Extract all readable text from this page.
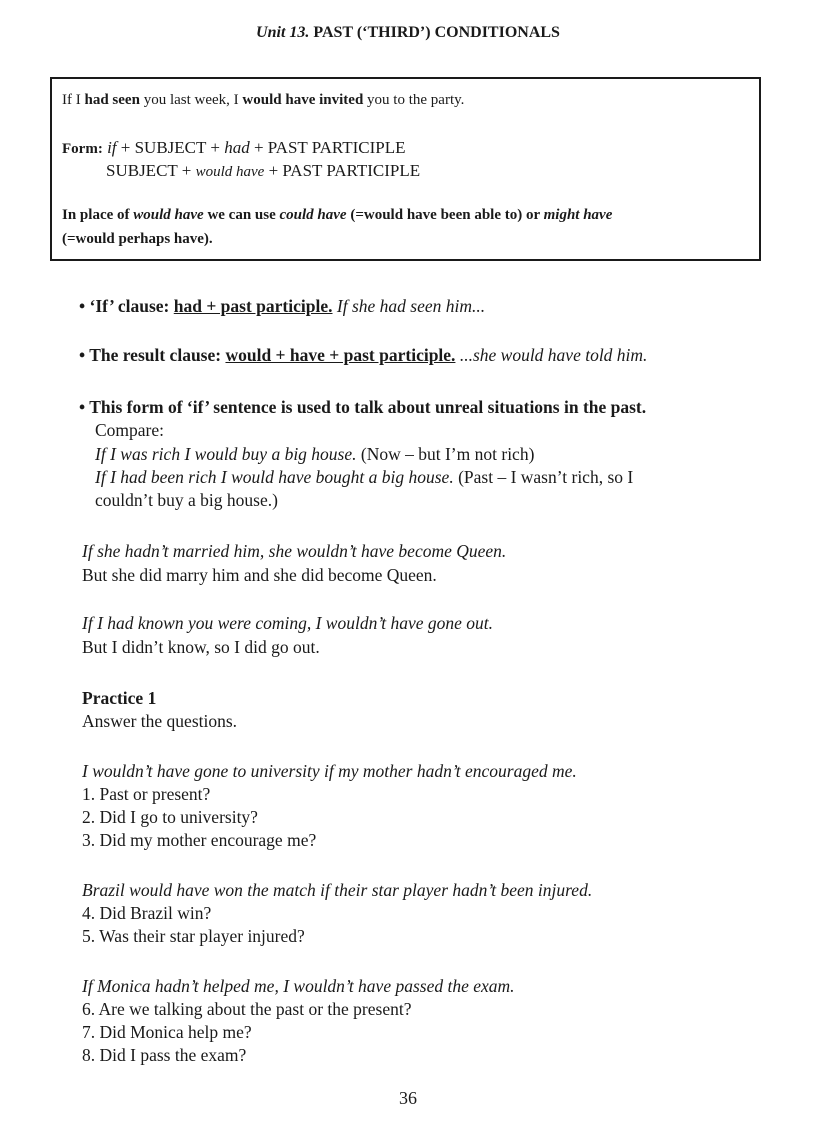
Unit 13. PAST (‘THIRD’) CONDITIONALS
If I had seen you last week, I would have invited you to the party.
Form: if + SUBJECT + had + PAST PARTICIPLE
SUBJECT + would have + PAST PARTICIPLE
In place of would have we can use could have (=would have been able to) or might have
(=would perhaps have).
• ‘If’ clause: had + past participle. If she had seen him...
• The result clause: would + have + past participle. ...she would have told him.
• This form of ‘if’ sentence is used to talk about unreal situations in the past.
Compare:
If I was rich I would buy a big house. (Now – but I’m not rich)
If I had been rich I would have bought a big house. (Past – I wasn’t rich, so I
couldn’t buy a big house.)
If she hadn’t married him, she wouldn’t have become Queen.
But she did marry him and she did become Queen.
If I had known you were coming, I wouldn’t have gone out.
But I didn’t know, so I did go out.
Practice 1
Answer the questions.
I wouldn’t have gone to university if my mother hadn’t encouraged me.
1. Past or present?
2. Did I go to university?
3. Did my mother encourage me?
Brazil would have won the match if their star player hadn’t been injured.
4. Did Brazil win?
5. Was their star player injured?
If Monica hadn’t helped me, I wouldn’t have passed the exam.
6. Are we talking about the past or the present?
7. Did Monica help me?
8. Did I pass the exam?
36
